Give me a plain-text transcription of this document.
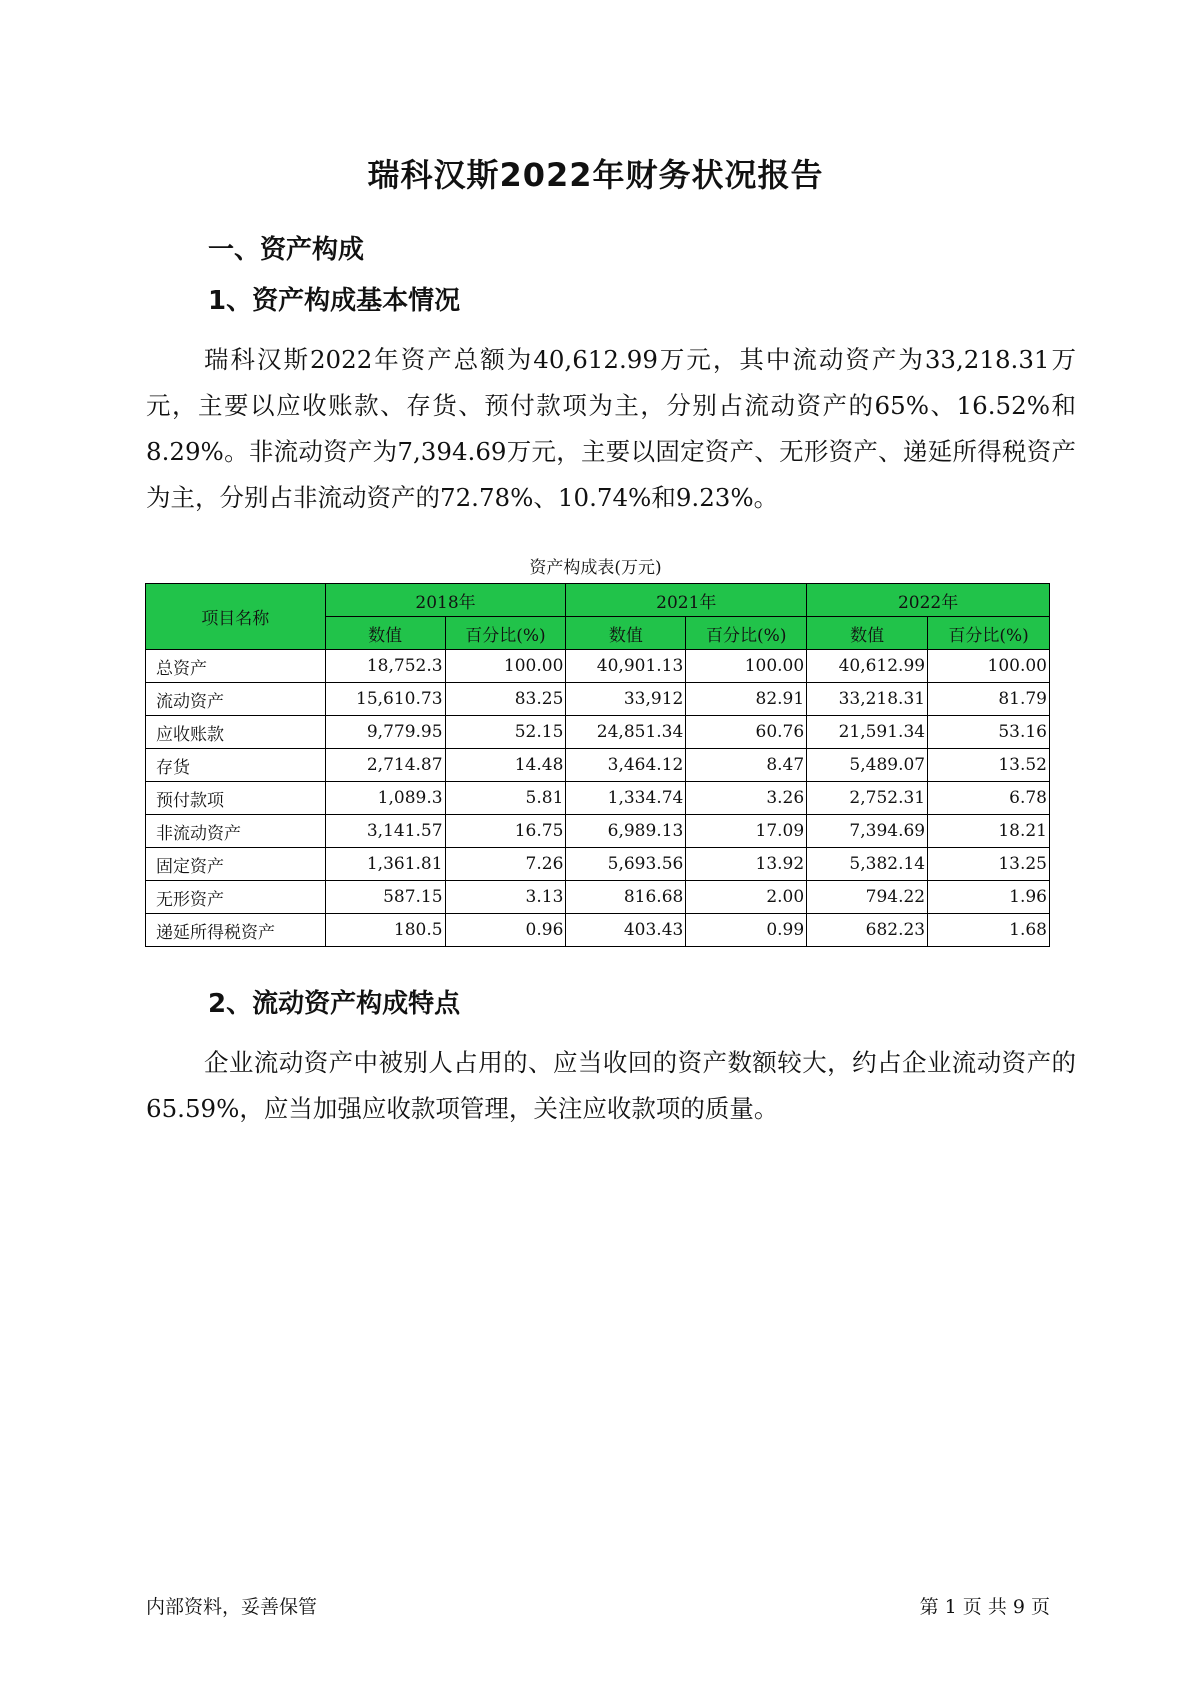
瑞科汉斯2022年财务状况报告
一、资产构成
1、资产构成基本情况

瑞科汉斯2022年资产总额为40,612.99万元，其中流动资产为33,218.31万元，主要以应收账款、存货、预付款项为主，分别占流动资产的65%、16.52%和8.29%。非流动资产为7,394.69万元，主要以固定资产、无形资产、递延所得税资产为主，分别占非流动资产的72.78%、10.74%和9.23%。

资产构成表(万元)
项目名称	2018年		2021年		2022年	
	数值	百分比(%)	数值	百分比(%)	数值	百分比(%)
总资产	18,752.3	100.00	40,901.13	100.00	40,612.99	100.00
流动资产	15,610.73	83.25	33,912	82.91	33,218.31	81.79
应收账款	9,779.95	52.15	24,851.34	60.76	21,591.34	53.16
存货	2,714.87	14.48	3,464.12	8.47	5,489.07	13.52
预付款项	1,089.3	5.81	1,334.74	3.26	2,752.31	6.78
非流动资产	3,141.57	16.75	6,989.13	17.09	7,394.69	18.21
固定资产	1,361.81	7.26	5,693.56	13.92	5,382.14	13.25
无形资产	587.15	3.13	816.68	2.00	794.22	1.96
递延所得税资产	180.5	0.96	403.43	0.99	682.23	1.68
2、流动资产构成特点

企业流动资产中被别人占用的、应当收回的资产数额较大，约占企业流动资产的65.59%，应当加强应收款项管理，关注应收款项的质量。

内部资料，妥善保管	第 1 页 共 9 页
